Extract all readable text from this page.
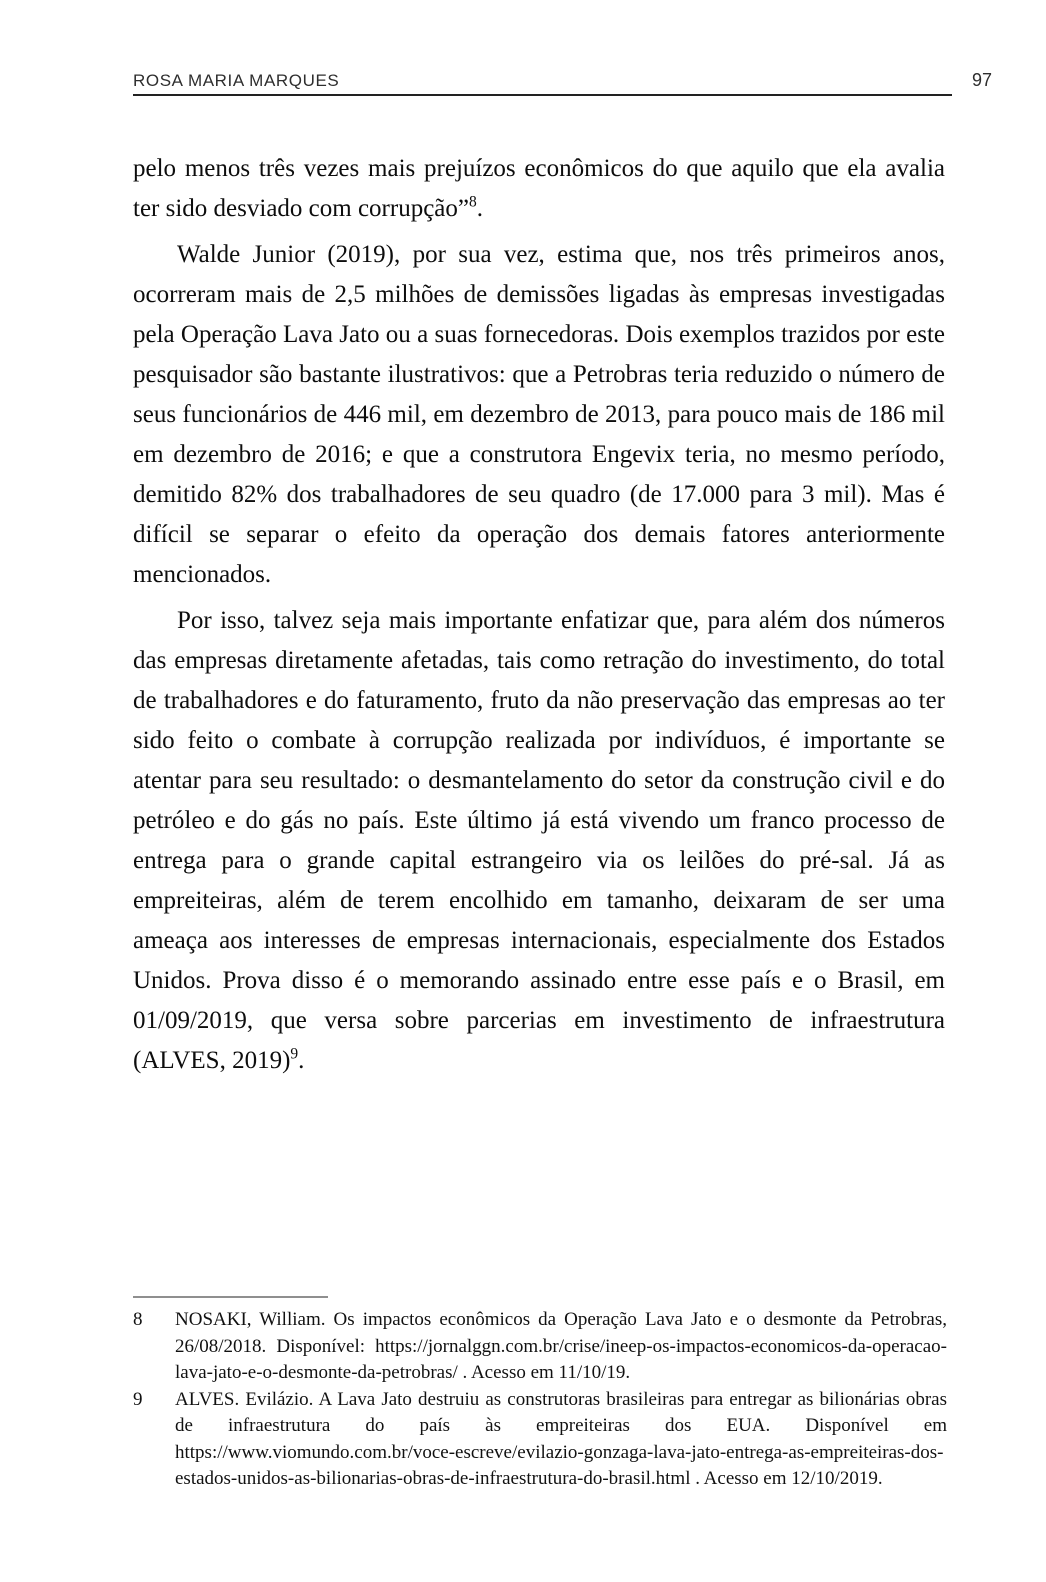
ROSA MARIA MARQUES	97

pelo menos três vezes mais prejuízos econômicos do que aquilo que ela avalia ter sido desviado com corrupção”$^8$.

Walde Junior (2019), por sua vez, estima que, nos três primeiros anos, ocorreram mais de 2,5 milhões de demissões ligadas às empresas investigadas pela Operação Lava Jato ou a suas fornecedoras. Dois exemplos trazidos por este pesquisador são bastante ilustrativos: que a Petrobras teria reduzido o número de seus funcionários de 446 mil, em dezembro de 2013, para pouco mais de 186 mil em dezembro de 2016; e que a construtora Engevix teria, no mesmo período, demitido 82% dos trabalhadores de seu quadro (de 17.000 para 3 mil). Mas é difícil se separar o efeito da operação dos demais fatores anteriormente mencionados.

Por isso, talvez seja mais importante enfatizar que, para além dos números das empresas diretamente afetadas, tais como retração do investimento, do total de trabalhadores e do faturamento, fruto da não preservação das empresas ao ter sido feito o combate à corrupção realizada por indivíduos, é importante se atentar para seu resultado: o desmantelamento do setor da construção civil e do petróleo e do gás no país. Este último já está vivendo um franco processo de entrega para o grande capital estrangeiro via os leilões do pré-sal. Já as empreiteiras, além de terem encolhido em tamanho, deixaram de ser uma ameaça aos interesses de empresas internacionais, especialmente dos Estados Unidos. Prova disso é o memorando assinado entre esse país e o Brasil, em 01/09/2019, que versa sobre parcerias em investimento de infraestrutura (ALVES, 2019)$^9$.

8	NOSAKI, William. Os impactos econômicos da Operação Lava Jato e o desmonte da Petrobras, 26/08/2018. Disponível: https://jornalggn.com.br/crise/ineep-os-impactos-economicos-da-operacao-lava-jato-e-o-desmonte-da-petrobras/ . Acesso em 11/10/19.
9	ALVES. Evilázio. A Lava Jato destruiu as construtoras brasileiras para entregar as bilionárias obras de infraestrutura do país às empreiteiras dos EUA. Disponível em https://www.viomundo.com.br/voce-escreve/evilazio-gonzaga-lava-jato-entrega-as-empreiteiras-dos-estados-unidos-as-bilionarias-obras-de-infraestrutura-do-brasil.html . Acesso em 12/10/2019.
